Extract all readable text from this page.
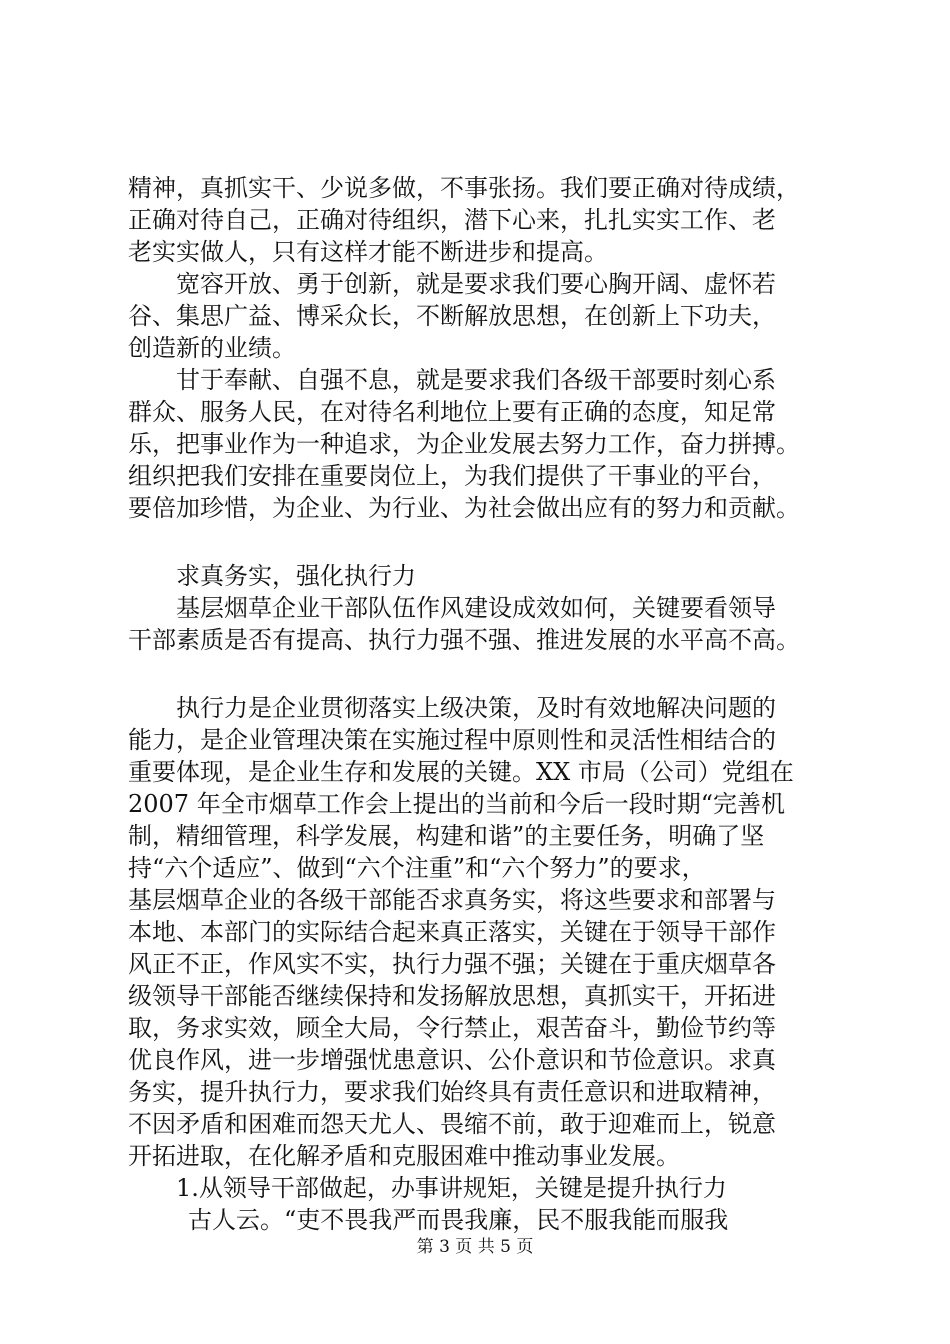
精神，真抓实干、少说多做，不事张扬。我们要正确对待成绩，
正确对待自己，正确对待组织，潜下心来，扎扎实实工作、老
老实实做人，只有这样才能不断进步和提高。
宽容开放、勇于创新，就是要求我们要心胸开阔、虚怀若
谷、集思广益、博采众长，不断解放思想，在创新上下功夫，
创造新的业绩。
甘于奉献、自强不息，就是要求我们各级干部要时刻心系
群众、服务人民，在对待名利地位上要有正确的态度，知足常
乐，把事业作为一种追求，为企业发展去努力工作，奋力拼搏。
组织把我们安排在重要岗位上，为我们提供了干事业的平台，
要倍加珍惜，为企业、为行业、为社会做出应有的努力和贡献。
求真务实，强化执行力
基层烟草企业干部队伍作风建设成效如何，关键要看领导
干部素质是否有提高、执行力强不强、推进发展的水平高不高。
执行力是企业贯彻落实上级决策，及时有效地解决问题的
能力，是企业管理决策在实施过程中原则性和灵活性相结合的
重要体现，是企业生存和发展的关键。XX 市局（公司）党组在
2007 年全市烟草工作会上提出的当前和今后一段时期“完善机
制，精细管理，科学发展，构建和谐”的主要任务，明确了坚
持“六个适应”、做到“六个注重”和“六个努力”的要求，
基层烟草企业的各级干部能否求真务实，将这些要求和部署与
本地、本部门的实际结合起来真正落实，关键在于领导干部作
风正不正，作风实不实，执行力强不强；关键在于重庆烟草各
级领导干部能否继续保持和发扬解放思想，真抓实干，开拓进
取，务求实效，顾全大局，令行禁止，艰苦奋斗，勤俭节约等
优良作风，进一步增强忧患意识、公仆意识和节俭意识。求真
务实，提升执行力，要求我们始终具有责任意识和进取精神，
不因矛盾和困难而怨天尤人、畏缩不前，敢于迎难而上，锐意
开拓进取，在化解矛盾和克服困难中推动事业发展。
1.从领导干部做起，办事讲规矩，关键是提升执行力
古人云。“吏不畏我严而畏我廉，民不服我能而服我
第 3 页 共 5 页
